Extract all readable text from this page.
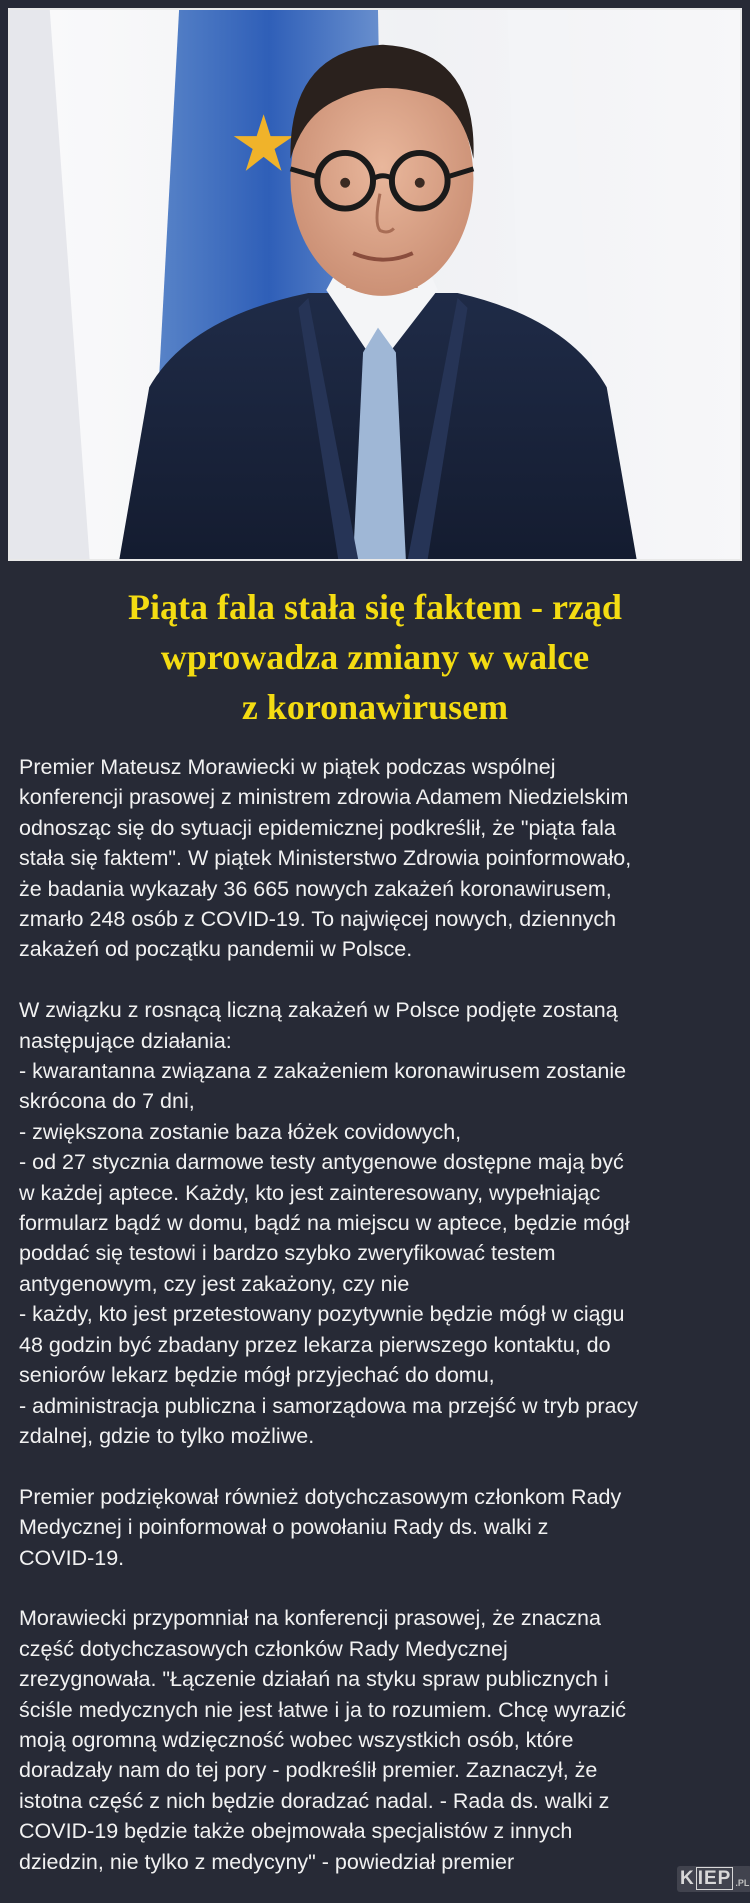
Piąta fala stała się faktem - rząd
wprowadza zmiany w walce
z koronawirusem
Premier Mateusz Morawiecki w piątek podczas wspólnej
konferencji prasowej z ministrem zdrowia Adamem Niedzielskim
odnosząc się do sytuacji epidemicznej podkreślił, że "piąta fala
stała się faktem". W piątek Ministerstwo Zdrowia poinformowało,
że badania wykazały 36 665 nowych zakażeń koronawirusem,
zmarło 248 osób z COVID-19. To najwięcej nowych, dziennych
zakażeń od początku pandemii w Polsce.
W związku z rosnącą liczną zakażeń w Polsce podjęte zostaną
następujące działania:
- kwarantanna związana z zakażeniem koronawirusem zostanie
skrócona do 7 dni,
- zwiększona zostanie baza łóżek covidowych,
- od 27 stycznia darmowe testy antygenowe dostępne mają być
w każdej aptece. Każdy, kto jest zainteresowany, wypełniając
formularz bądź w domu, bądź na miejscu w aptece, będzie mógł
poddać się testowi i bardzo szybko zweryfikować testem
antygenowym, czy jest zakażony, czy nie
- każdy, kto jest przetestowany pozytywnie będzie mógł w ciągu
48 godzin być zbadany przez lekarza pierwszego kontaktu, do
seniorów lekarz będzie mógł przyjechać do domu,
- administracja publiczna i samorządowa ma przejść w tryb pracy
zdalnej, gdzie to tylko możliwe.
Premier podziękował również dotychczasowym członkom Rady
Medycznej i poinformował o powołaniu Rady ds. walki z
COVID-19.
Morawiecki przypomniał na konferencji prasowej, że znaczna
część dotychczasowych członków Rady Medycznej
zrezygnowała. "Łączenie działań na styku spraw publicznych i
ściśle medycznych nie jest łatwe i ja to rozumiem. Chcę wyrazić
moją ogromną wdzięczność wobec wszystkich osób, które
doradzały nam do tej pory - podkreślił premier. Zaznaczył, że
istotna część z nich będzie doradzać nadal. - Rada ds. walki z
COVID-19 będzie także obejmowała specjalistów z innych
dziedzin, nie tylko z medycyny" - powiedział premier
K IEP .PL
